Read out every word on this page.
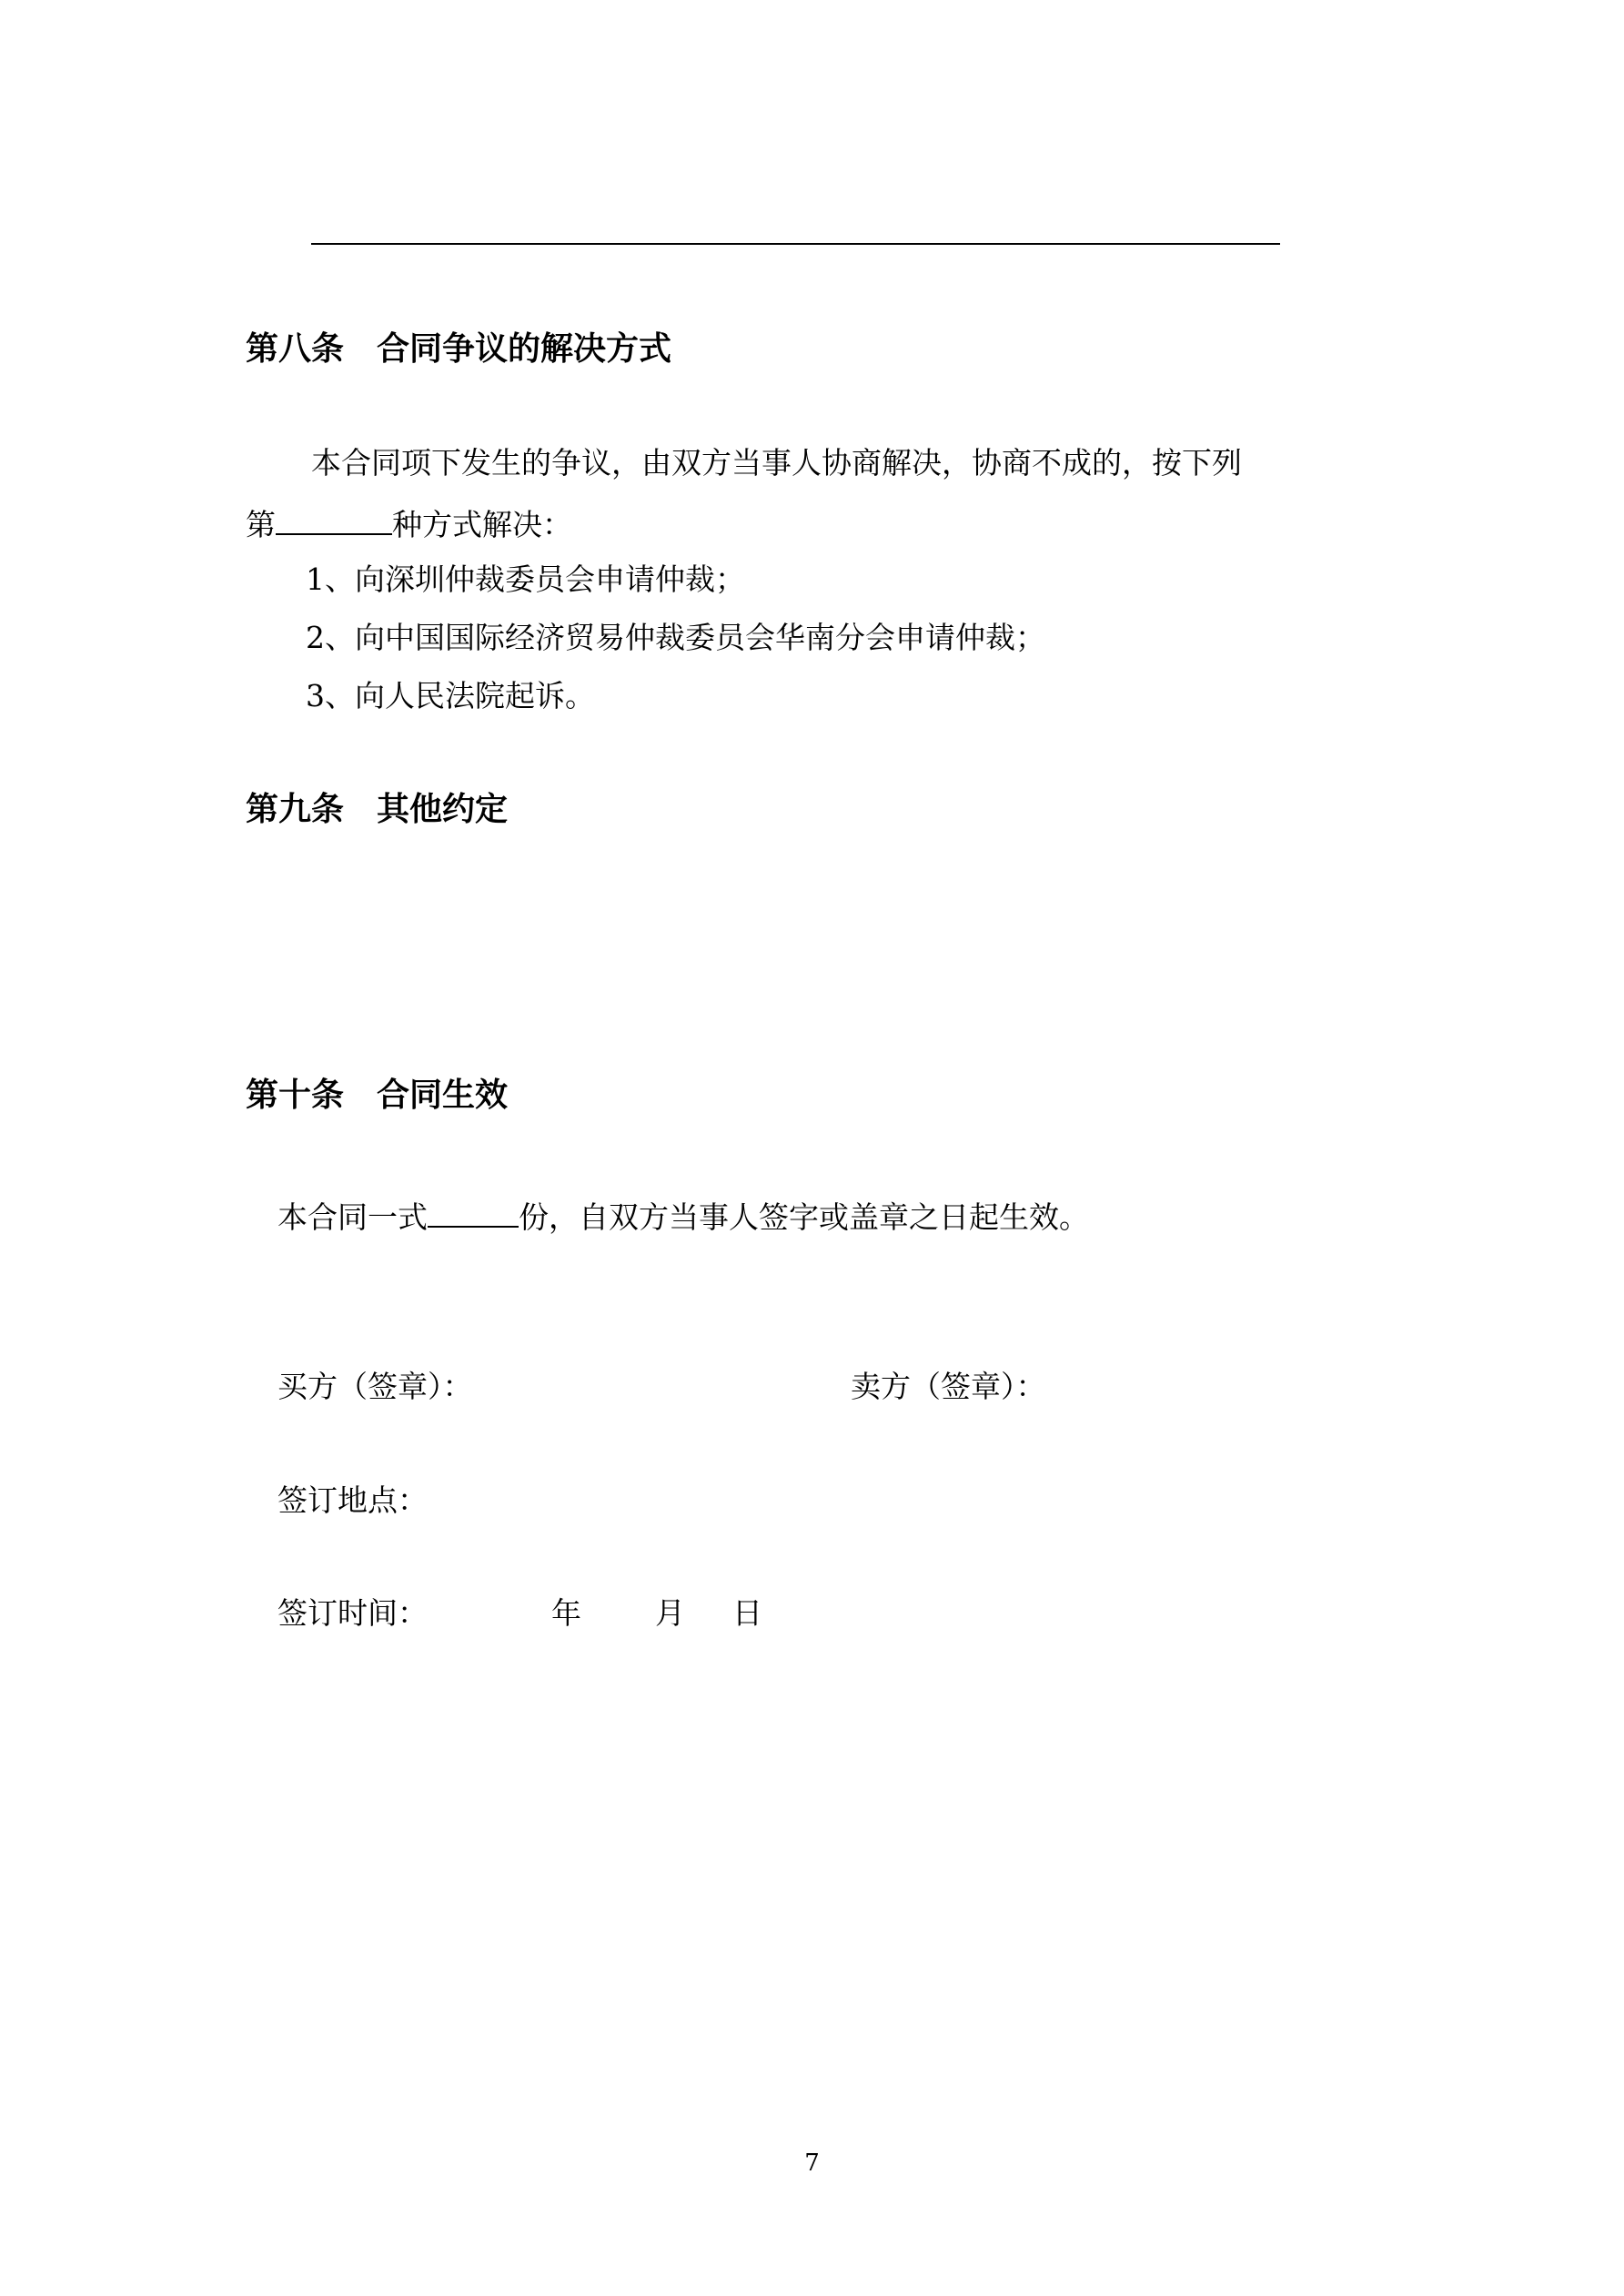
第八条　合同争议的解决方式
本合同项下发生的争议，由双方当事人协商解决，协商不成的，按下列
第	种方式解决：
1、向深圳仲裁委员会申请仲裁；
2、向中国国际经济贸易仲裁委员会华南分会申请仲裁；
3、向人民法院起诉。
第九条　其他约定
第十条　合同生效
本合同一式	份，自双方当事人签字或盖章之日起生效。
买方（签章）：	卖方（签章）：
签订地点：
签订时间：	年 月 日
7
